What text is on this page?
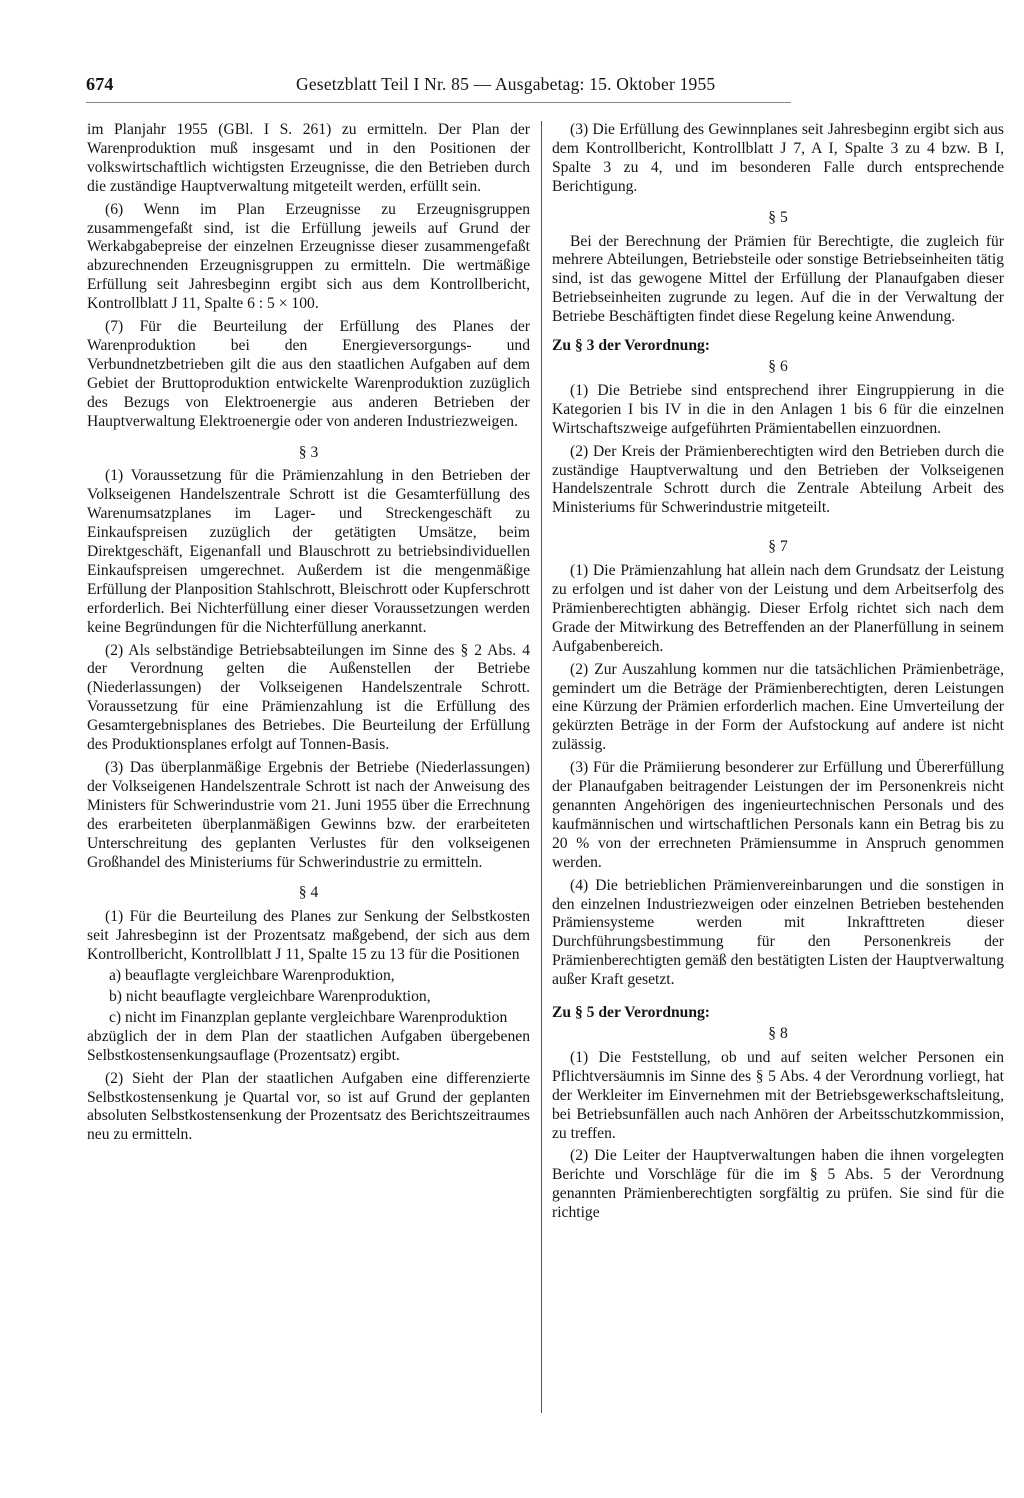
674	Gesetzblatt Teil I Nr. 85 — Ausgabetag: 15. Oktober 1955

im Planjahr 1955 (GBl. I S. 261) zu ermitteln. Der Plan der Warenproduktion muß insgesamt und in den Positionen der volkswirtschaftlich wichtigsten Erzeugnisse, die den Betrieben durch die zuständige Hauptverwaltung mitgeteilt werden, erfüllt sein.

(6) Wenn im Plan Erzeugnisse zu Erzeugnisgruppen zusammengefaßt sind, ist die Erfüllung jeweils auf Grund der Werkabgabepreise der einzelnen Erzeugnisse dieser zusammengefaßt abzurechnenden Erzeugnisgruppen zu ermitteln. Die wertmäßige Erfüllung seit Jahresbeginn ergibt sich aus dem Kontrollbericht, Kontrollblatt J 11, Spalte 6 : 5 × 100.

(7) Für die Beurteilung der Erfüllung des Planes der Warenproduktion bei den Energieversorgungs- und Verbundnetzbetrieben gilt die aus den staatlichen Aufgaben auf dem Gebiet der Bruttoproduktion entwickelte Warenproduktion zuzüglich des Bezugs von Elektroenergie aus anderen Betrieben der Hauptverwaltung Elektroenergie oder von anderen Industriezweigen.

§ 3

(1) Voraussetzung für die Prämienzahlung in den Betrieben der Volkseigenen Handelszentrale Schrott ist die Gesamterfüllung des Warenumsatzplanes im Lager- und Streckengeschäft zu Einkaufspreisen zuzüglich der getätigten Umsätze, beim Direktgeschäft, Eigenanfall und Blauschrott zu betriebsindividuellen Einkaufspreisen umgerechnet. Außerdem ist die mengenmäßige Erfüllung der Planposition Stahlschrott, Bleischrott oder Kupferschrott erforderlich. Bei Nichterfüllung einer dieser Voraussetzungen werden keine Begründungen für die Nichterfüllung anerkannt.

(2) Als selbständige Betriebsabteilungen im Sinne des § 2 Abs. 4 der Verordnung gelten die Außenstellen der Betriebe (Niederlassungen) der Volkseigenen Handelszentrale Schrott. Voraussetzung für eine Prämienzahlung ist die Erfüllung des Gesamtergebnisplanes des Betriebes. Die Beurteilung der Erfüllung des Produktionsplanes erfolgt auf Tonnen-Basis.

(3) Das überplanmäßige Ergebnis der Betriebe (Niederlassungen) der Volkseigenen Handelszentrale Schrott ist nach der Anweisung des Ministers für Schwerindustrie vom 21. Juni 1955 über die Errechnung des erarbeiteten überplanmäßigen Gewinns bzw. der erarbeiteten Unterschreitung des geplanten Verlustes für den volkseigenen Großhandel des Ministeriums für Schwerindustrie zu ermitteln.

§ 4

(1) Für die Beurteilung des Planes zur Senkung der Selbstkosten seit Jahresbeginn ist der Prozentsatz maßgebend, der sich aus dem Kontrollbericht, Kontrollblatt J 11, Spalte 15 zu 13 für die Positionen

a) beauflagte vergleichbare Warenproduktion,

b) nicht beauflagte vergleichbare Warenproduktion,

c) nicht im Finanzplan geplante vergleichbare Warenproduktion

abzüglich der in dem Plan der staatlichen Aufgaben übergebenen Selbstkostensenkungsauflage (Prozentsatz) ergibt.

(2) Sieht der Plan der staatlichen Aufgaben eine differenzierte Selbstkostensenkung je Quartal vor, so ist auf Grund der geplanten absoluten Selbstkostensenkung der Prozentsatz des Berichtszeitraumes neu zu ermitteln.

(3) Die Erfüllung des Gewinnplanes seit Jahresbeginn ergibt sich aus dem Kontrollbericht, Kontrollblatt J 7, A I, Spalte 3 zu 4 bzw. B I, Spalte 3 zu 4, und im besonderen Falle durch entsprechende Berichtigung.

§ 5

Bei der Berechnung der Prämien für Berechtigte, die zugleich für mehrere Abteilungen, Betriebsteile oder sonstige Betriebseinheiten tätig sind, ist das gewogene Mittel der Erfüllung der Planaufgaben dieser Betriebseinheiten zugrunde zu legen. Auf die in der Verwaltung der Betriebe Beschäftigten findet diese Regelung keine Anwendung.

Zu § 3 der Verordnung:

§ 6

(1) Die Betriebe sind entsprechend ihrer Eingruppierung in die Kategorien I bis IV in die in den Anlagen 1 bis 6 für die einzelnen Wirtschaftszweige aufgeführten Prämientabellen einzuordnen.

(2) Der Kreis der Prämienberechtigten wird den Betrieben durch die zuständige Hauptverwaltung und den Betrieben der Volkseigenen Handelszentrale Schrott durch die Zentrale Abteilung Arbeit des Ministeriums für Schwerindustrie mitgeteilt.

§ 7

(1) Die Prämienzahlung hat allein nach dem Grundsatz der Leistung zu erfolgen und ist daher von der Leistung und dem Arbeitserfolg des Prämienberechtigten abhängig. Dieser Erfolg richtet sich nach dem Grade der Mitwirkung des Betreffenden an der Planerfüllung in seinem Aufgabenbereich.

(2) Zur Auszahlung kommen nur die tatsächlichen Prämienbeträge, gemindert um die Beträge der Prämienberechtigten, deren Leistungen eine Kürzung der Prämien erforderlich machen. Eine Umverteilung der gekürzten Beträge in der Form der Aufstockung auf andere ist nicht zulässig.

(3) Für die Prämiierung besonderer zur Erfüllung und Übererfüllung der Planaufgaben beitragender Leistungen der im Personenkreis nicht genannten Angehörigen des ingenieurtechnischen Personals und des kaufmännischen und wirtschaftlichen Personals kann ein Betrag bis zu 20 % von der errechneten Prämiensumme in Anspruch genommen werden.

(4) Die betrieblichen Prämienvereinbarungen und die sonstigen in den einzelnen Industriezweigen oder einzelnen Betrieben bestehenden Prämiensysteme werden mit Inkrafttreten dieser Durchführungsbestimmung für den Personenkreis der Prämienberechtigten gemäß den bestätigten Listen der Hauptverwaltung außer Kraft gesetzt.

Zu § 5 der Verordnung:

§ 8

(1) Die Feststellung, ob und auf seiten welcher Personen ein Pflichtversäumnis im Sinne des § 5 Abs. 4 der Verordnung vorliegt, hat der Werkleiter im Einvernehmen mit der Betriebsgewerkschaftsleitung, bei Betriebsunfällen auch nach Anhören der Arbeitsschutzkommission, zu treffen.

(2) Die Leiter der Hauptverwaltungen haben die ihnen vorgelegten Berichte und Vorschläge für die im § 5 Abs. 5 der Verordnung genannten Prämienberechtigten sorgfältig zu prüfen. Sie sind für die richtige
